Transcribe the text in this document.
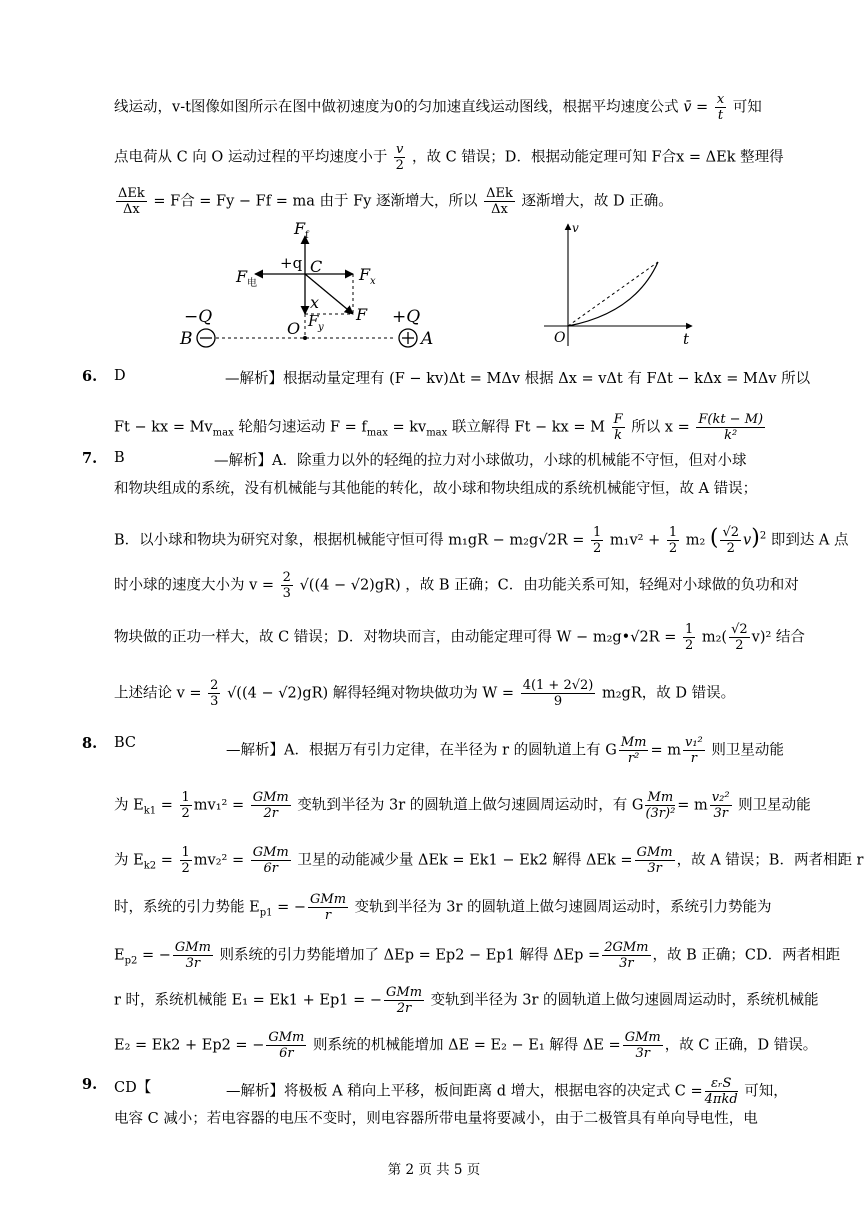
线运动，v-t图像如图所示在图中做初速度为0的匀加速直线运动图线，根据平均速度公式 v̄ = $\frac{x}{t}$ 可知
点电荷从 C 向 O 运动过程的平均速度小于 $\frac{v}{2}$ ，故 C 错误；D．根据动能定理可知 F合x = ΔEk 整理得
$\frac{\text{ΔEk}}{\Delta x} = F$合 = Fy − Ff = ma 由于 Fy 逐渐增大，所以 $\frac{\text{ΔEk}}{\Delta x}$ 逐渐增大，故 D 正确。
F f
+q C
F 电	F x
x
O F y
F
−Q	+Q
B	A
v
t
O
6. D	—解析】根据动量定理有 (F − kv)Δt = MΔv 根据 Δx = vΔt 有 FΔt − kΔx = MΔv 所以
Ft − kx = $Mv_{max}$ 轮船匀速运动 $F = f_{max} = kv_{max}$ 联立解得 Ft − kx = M $\frac{F}{k}$ 所以 $x = \frac{F(kt - M)}{\text{k²}}$
7. B	—解析】A．除重力以外的轻绳的拉力对小球做功，小球的机械能不守恒，但对小球
和物块组成的系统，没有机械能与其他能的转化，故小球和物块组成的系统机械能守恒，故 A 错误；
B．以小球和物块为研究对象，根据机械能守恒可得 $m_1gR - m_2g√2R = \frac{1}{2} m_1v^2 + \frac{1}{2} m_2$ ( $\frac{√2}{2} v)^2$ 即到达 A 点
时小球的速度大小为 $v = \frac{2}{3} √((4 - √2)gR)$ ，故 B 正确；C．由功能关系可知，轻绳对小球做的负功和对
物块做的正功一样大，故 C 错误；D．对物块而言，由动能定理可得 W − m₂g•√2R = $\frac{1}{2} m_2( \frac{√2}{2} v)^2$ 结合
上述结论 $v = \frac{2}{3} √((4 - √2)gR)$ 解得轻绳对物块做功为 $W = \frac{4(1 + 2√2)}{9} m_2gR$，故 D 错误。
8. BC	—解析】A．根据万有引力定律，在半径为 r 的圆轨道上有 G $\frac{Mm}{\text{r²}} = m \frac{\text{v₁²}}{r}$ 则卫星动能
为 $E_{k1} = \frac{1}{2} mv_1^2 = \frac{\text{GMm}}{2r}$ 变轨到半径为 3r 的圆轨道上做匀速圆周运动时，有 G $\frac{Mm}{\text{(3r)²}} = m \frac{\text{v₂²}}{3r}$ 则卫星动能
为 $E_{k2} = \frac{1}{2} mv_2^2 = \frac{\text{GMm}}{6r}$ 卫星的动能减少量 ΔEk = Ek1 − Ek2 解得 $\Delta Ek = \frac{\text{GMm}}{3r}$ ，故 A 错误；B．两者相距 r
时，系统的引力势能 $E_{p1}$ = − $\frac{\text{GMm}}{r}$ 变轨到半径为 3r 的圆轨道上做匀速圆周运动时，系统引力势能为
$E_{p2}$ = − $\frac{\text{GMm}}{3r}$ 则系统的引力势能增加了 ΔEp = Ep2 − Ep1 解得 $\Delta Ep = \frac{\text{2GMm}}{3r}$ ，故 B 正确；CD．两者相距
r 时，系统机械能 E₁ = Ek1 + Ep1 = − $\frac{\text{GMm}}{2r}$ 变轨到半径为 3r 的圆轨道上做匀速圆周运动时，系统机械能
E₂ = Ek2 + Ep2 = − $\frac{\text{GMm}}{6r}$ 则系统的机械能增加 ΔE = E₂ − E₁ 解得 $\Delta E = \frac{\text{GMm}}{3r}$ ，故 C 正确，D 错误。
9. CD【	—解析】将极板 A 稍向上平移，板间距离 d 增大，根据电容的决定式 $C = \frac{\text{εᵣS}}{\text{4πkd}}$ 可知，
电容 C 减小；若电容器的电压不变时，则电容器所带电量将要减小，由于二极管具有单向导电性，电
第 2 页 共 5 页
